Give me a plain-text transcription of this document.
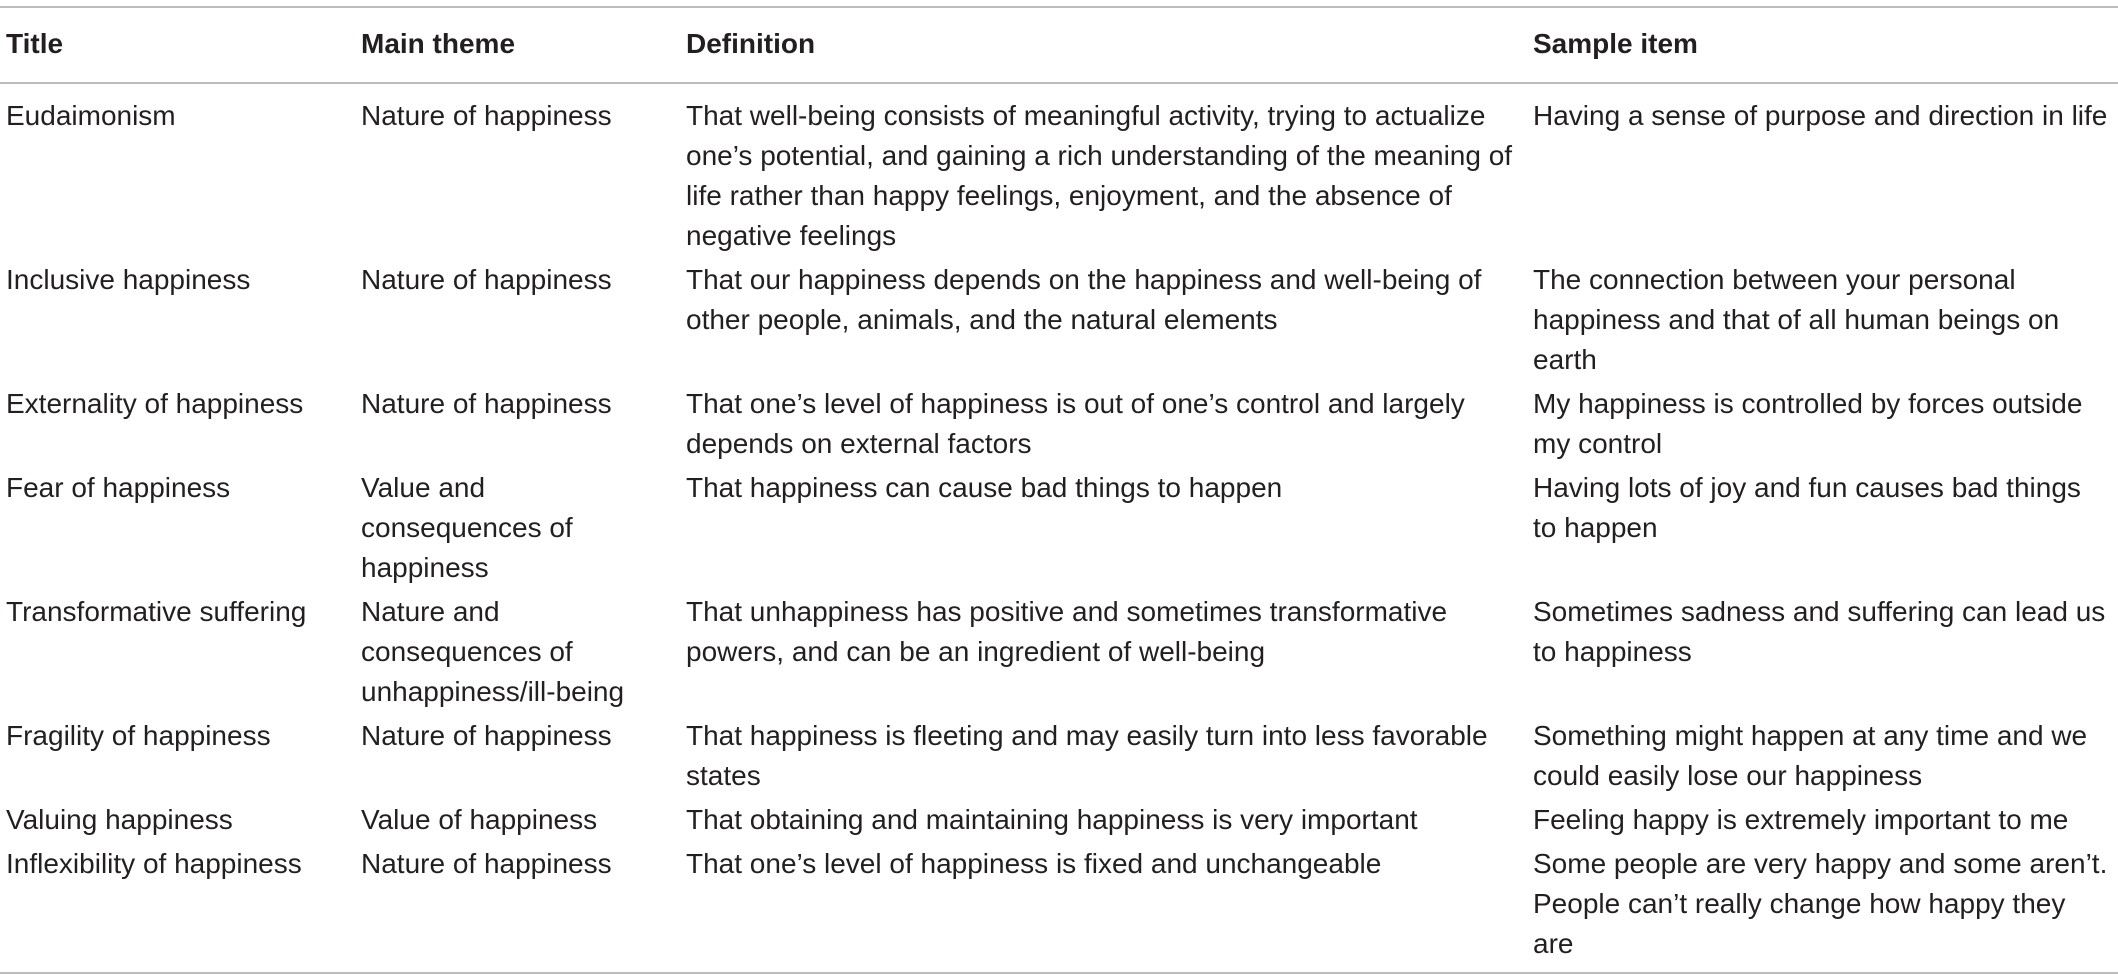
Title	Main theme	Definition	Sample item
Eudaimonism	Nature of happiness	That well-being consists of meaningful activity, trying to actualize one’s potential, and gaining a rich understanding of the meaning of life rather than happy feelings, enjoyment, and the absence of negative feelings	Having a sense of purpose and direction in life
Inclusive happiness	Nature of happiness	That our happiness depends on the happiness and well-being of other people, animals, and the natural elements	The connection between your personal happiness and that of all human beings on earth
Externality of happiness	Nature of happiness	That one’s level of happiness is out of one’s control and largely depends on external factors	My happiness is controlled by forces outside my control
Fear of happiness	Value and consequences of happiness	That happiness can cause bad things to happen	Having lots of joy and fun causes bad things to happen
Transformative suffering	Nature and consequences of unhappiness/ill-being	That unhappiness has positive and sometimes transformative powers, and can be an ingredient of well-being	Sometimes sadness and suffering can lead us to happiness
Fragility of happiness	Nature of happiness	That happiness is fleeting and may easily turn into less favorable states	Something might happen at any time and we could easily lose our happiness
Valuing happiness	Value of happiness	That obtaining and maintaining happiness is very important	Feeling happy is extremely important to me
Inflexibility of happiness	Nature of happiness	That one’s level of happiness is fixed and unchangeable	Some people are very happy and some aren’t. People can’t really change how happy they are
